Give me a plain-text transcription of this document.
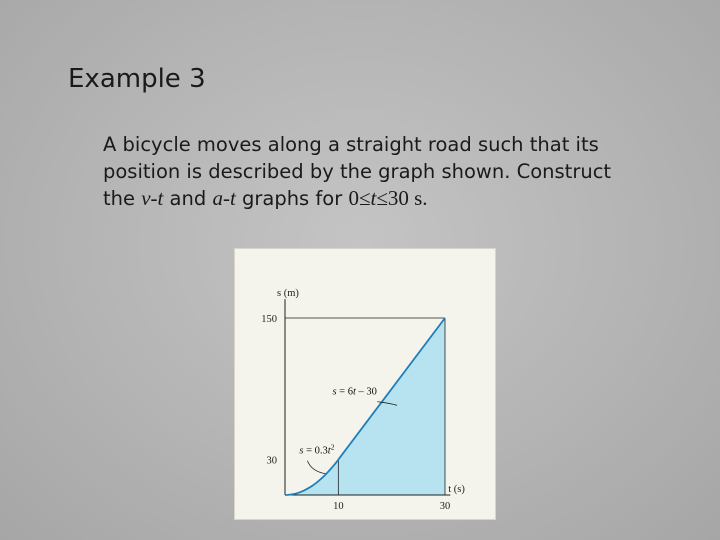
Example 3
A bicycle moves along a straight road such that its
position is described by the graph shown. Construct
the v-t and a-t graphs for 0≤t≤30 s.
s (m)
t (s)
150
30
10	30
s = 6t – 30
$s = 0.3t^2$
